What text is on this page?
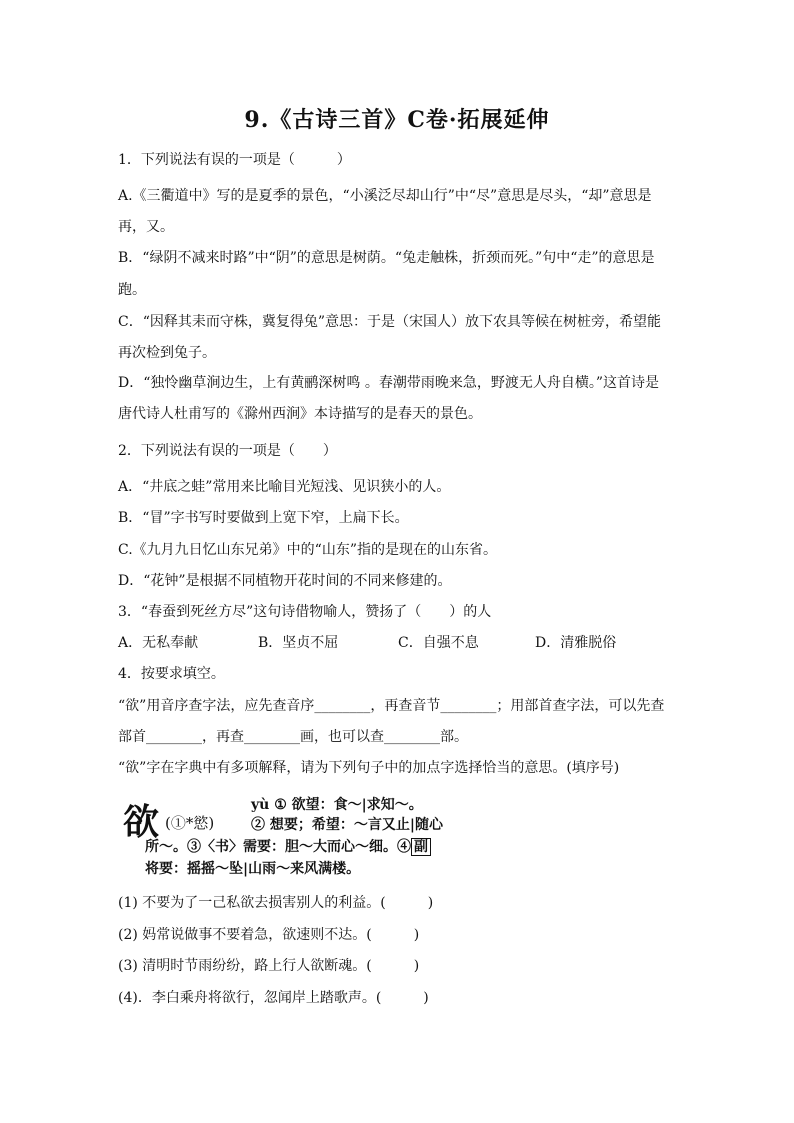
9.《古诗三首》C卷·拓展延伸
1．下列说法有误的一项是（　　　）
A.《三衢道中》写的是夏季的景色，“小溪泛尽却山行”中“尽”意思是尽头，“却”意思是
再，又。
B．“绿阴不减来时路”中“阴”的意思是树荫。“兔走触株，折颈而死。”句中“走”的意思是
跑。
C．“因释其耒而守株，冀复得兔”意思：于是（宋国人）放下农具等候在树桩旁，希望能
再次检到兔子。
D．“独怜幽草涧边生，上有黄鹂深树鸣 。春潮带雨晚来急，野渡无人舟自横。”这首诗是
唐代诗人杜甫写的《滁州西涧》本诗描写的是春天的景色。
2．下列说法有误的一项是（　　）
A．“井底之蛙”常用来比喻目光短浅、见识狭小的人。
B．“冒”字书写时要做到上宽下窄，上扁下长。
C.《九月九日忆山东兄弟》中的“山东”指的是现在的山东省。
D．“花钟”是根据不同植物开花时间的不同来修建的。
3．“春蚕到死丝方尽”这句诗借物喻人，赞扬了（　　）的人
A．无私奉献	B．坚贞不屈	C．自强不息	D．清雅脱俗
4．按要求填空。
“欲”用音序查字法，应先查音序________，再查音节________；用部首查字法，可以先查
部首________，再查________画，也可以查________部。
“欲”字在字典中有多项解释，请为下列句子中的加点字选择恰当的意思。(填序号)
欲 (①*慾)
yù ① 欲望：食～|求知～。
② 想要；希望：～言又止|随心
所～。③〈书〉需要：胆～大而心～细。④ 副
将要：摇摇～坠|山雨～来风满楼。
(1) 不要为了一己私欲去损害别人的利益。(　　　)
(2) 妈常说做事不要着急，欲速则不达。(　　　)
(3) 清明时节雨纷纷，路上行人欲断魂。(　　　)
(4)．李白乘舟将欲行，忽闻岸上踏歌声。(　　　)
